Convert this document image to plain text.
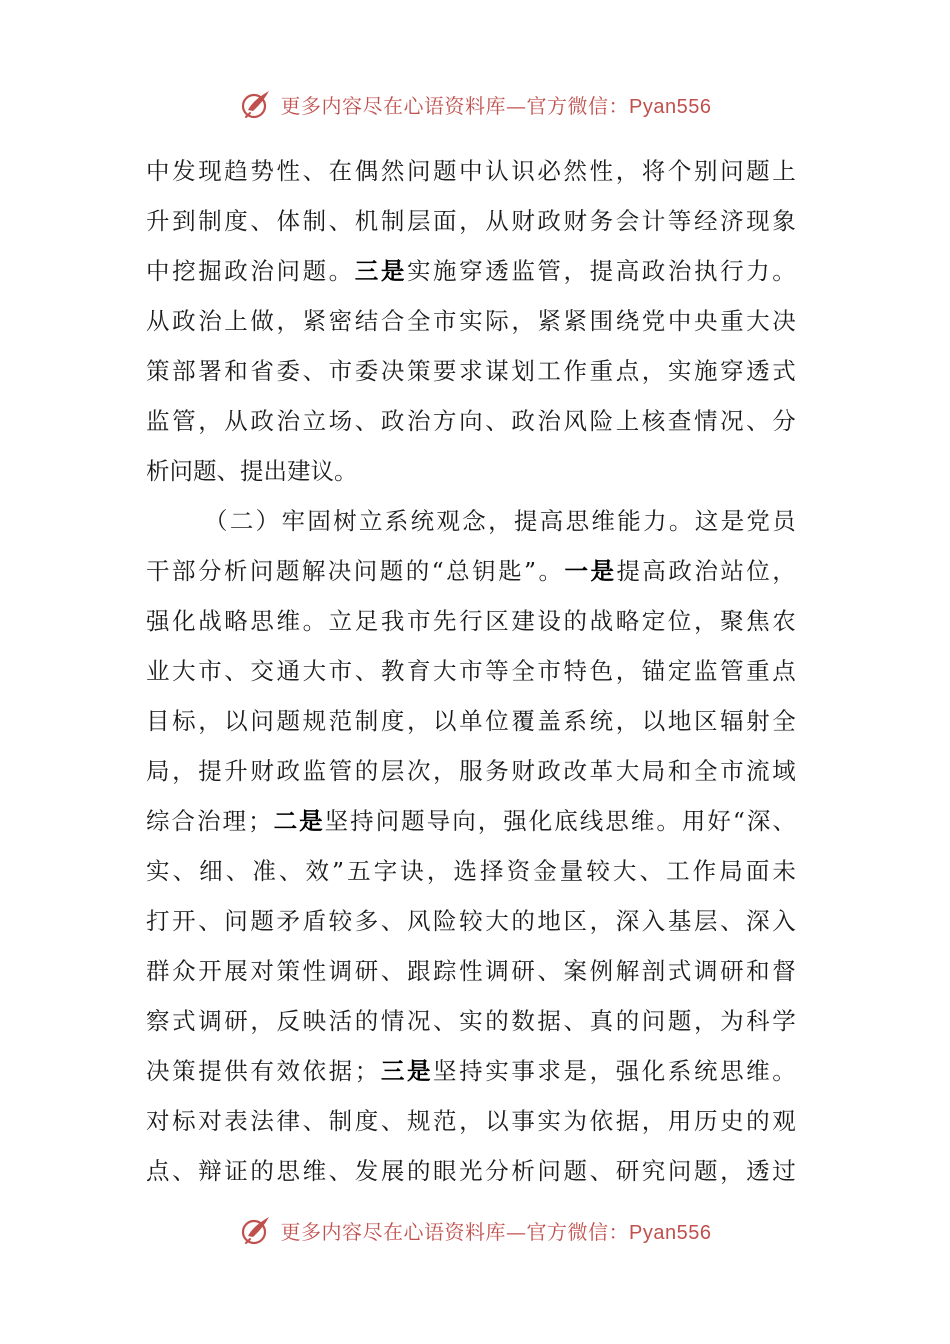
更多内容尽在心语资料库—官方微信：Pyan556
中 发 现 趋 势 性 、 在 偶 然 问 题 中 认 识 必 然 性 ， 将 个 别 问 题 上
升 到 制 度 、 体 制 、 机 制 层 面 ， 从 财 政 财 务 会 计 等 经 济 现 象
中 挖 掘 政 治 问 题 。 三 是 实 施 穿 透 监 管 ， 提 高 政 治 执 行 力 。
从 政 治 上 做 ， 紧 密 结 合 全 市 实 际 ， 紧 紧 围 绕 党 中 央 重 大 决
策 部 署 和 省 委 、 市 委 决 策 要 求 谋 划 工 作 重 点 ， 实 施 穿 透 式
监 管 ， 从 政 治 立 场 、 政 治 方 向 、 政 治 风 险 上 核 查 情 况 、 分
析 问 题 、 提 出 建 议 。
（ 二 ） 牢 固 树 立 系 统 观 念 ， 提 高 思 维 能 力 。 这 是 党 员
干 部 分 析 问 题 解 决 问 题 的 “ 总 钥 匙 ” 。 一 是 提 高 政 治 站 位 ，
强 化 战 略 思 维 。 立 足 我 市 先 行 区 建 设 的 战 略 定 位 ， 聚 焦 农
业 大 市 、 交 通 大 市 、 教 育 大 市 等 全 市 特 色 ， 锚 定 监 管 重 点
目 标 ， 以 问 题 规 范 制 度 ， 以 单 位 覆 盖 系 统 ， 以 地 区 辐 射 全
局 ， 提 升 财 政 监 管 的 层 次 ， 服 务 财 政 改 革 大 局 和 全 市 流 域
综 合 治 理 ； 二 是 坚 持 问 题 导 向 ， 强 化 底 线 思 维 。 用 好 “ 深 、
实 、 细 、 准 、 效 ” 五 字 诀 ， 选 择 资 金 量 较 大 、 工 作 局 面 未
打 开 、 问 题 矛 盾 较 多 、 风 险 较 大 的 地 区 ， 深 入 基 层 、 深 入
群 众 开 展 对 策 性 调 研 、 跟 踪 性 调 研 、 案 例 解 剖 式 调 研 和 督
察 式 调 研 ， 反 映 活 的 情 况 、 实 的 数 据 、 真 的 问 题 ， 为 科 学
决 策 提 供 有 效 依 据 ； 三 是 坚 持 实 事 求 是 ， 强 化 系 统 思 维 。
对 标 对 表 法 律 、 制 度 、 规 范 ， 以 事 实 为 依 据 ， 用 历 史 的 观
点 、 辩 证 的 思 维 、 发 展 的 眼 光 分 析 问 题 、 研 究 问 题 ， 透 过
更多内容尽在心语资料库—官方微信：Pyan556
